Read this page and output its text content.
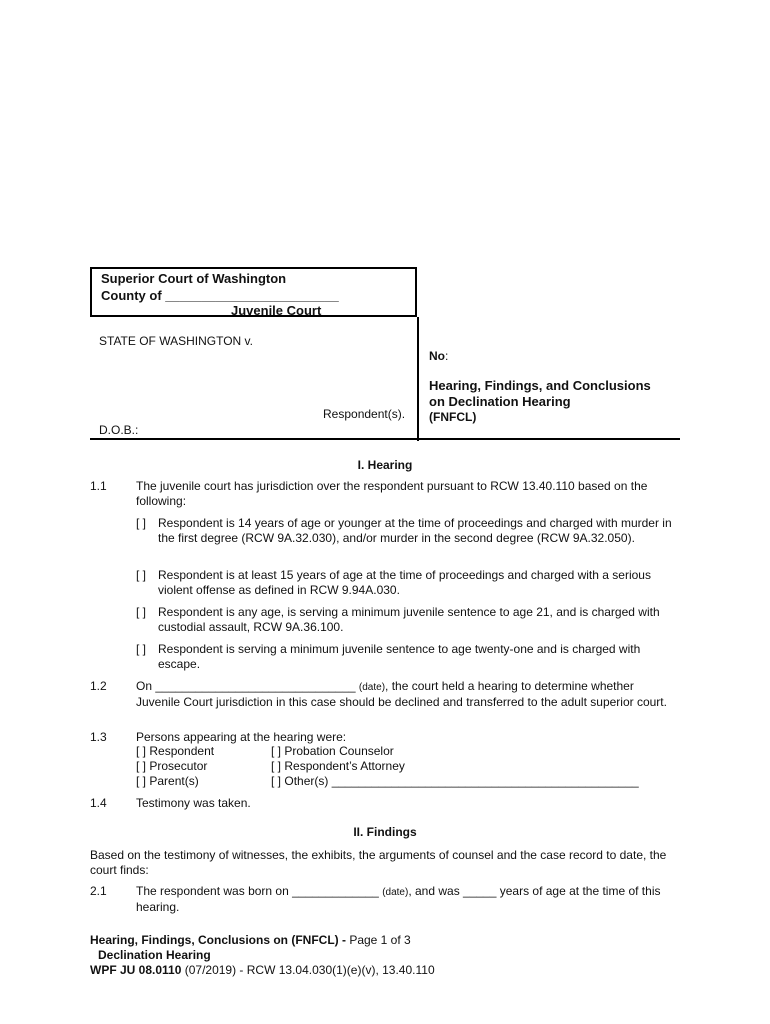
Superior Court of Washington
County of ________________________
Juvenile Court
STATE OF WASHINGTON v.
Respondent(s).
D.O.B.:
No:
Hearing, Findings, and Conclusions
on Declination Hearing
(FNFCL)
I. Hearing
1.1 The juvenile court has jurisdiction over the respondent pursuant to RCW 13.40.110 based on the following:
[ ] Respondent is 14 years of age or younger at the time of proceedings and charged with murder in the first degree (RCW 9A.32.030), and/or murder in the second degree (RCW 9A.32.050).
[ ] Respondent is at least 15 years of age at the time of proceedings and charged with a serious violent offense as defined in RCW 9.94A.030.
[ ] Respondent is any age, is serving a minimum juvenile sentence to age 21, and is charged with custodial assault, RCW 9A.36.100.
[ ] Respondent is serving a minimum juvenile sentence to age twenty-one and is charged with escape.
1.2 On ______________________________ (date), the court held a hearing to determine whether Juvenile Court jurisdiction in this case should be declined and transferred to the adult superior court.
1.3 Persons appearing at the hearing were:
[ ] Respondent	[ ] Probation Counselor
[ ] Prosecutor	[ ] Respondent’s Attorney
[ ] Parent(s)	[ ] Other(s) ______________________________________________
1.4 Testimony was taken.
II. Findings
Based on the testimony of witnesses, the exhibits, the arguments of counsel and the case record to date, the court finds:
2.1 The respondent was born on _____________ (date), and was _____ years of age at the time of this hearing.
Hearing, Findings, Conclusions on (FNFCL) - Page 1 of 3
Declination Hearing
WPF JU 08.0110 (07/2019) - RCW 13.04.030(1)(e)(v), 13.40.110
